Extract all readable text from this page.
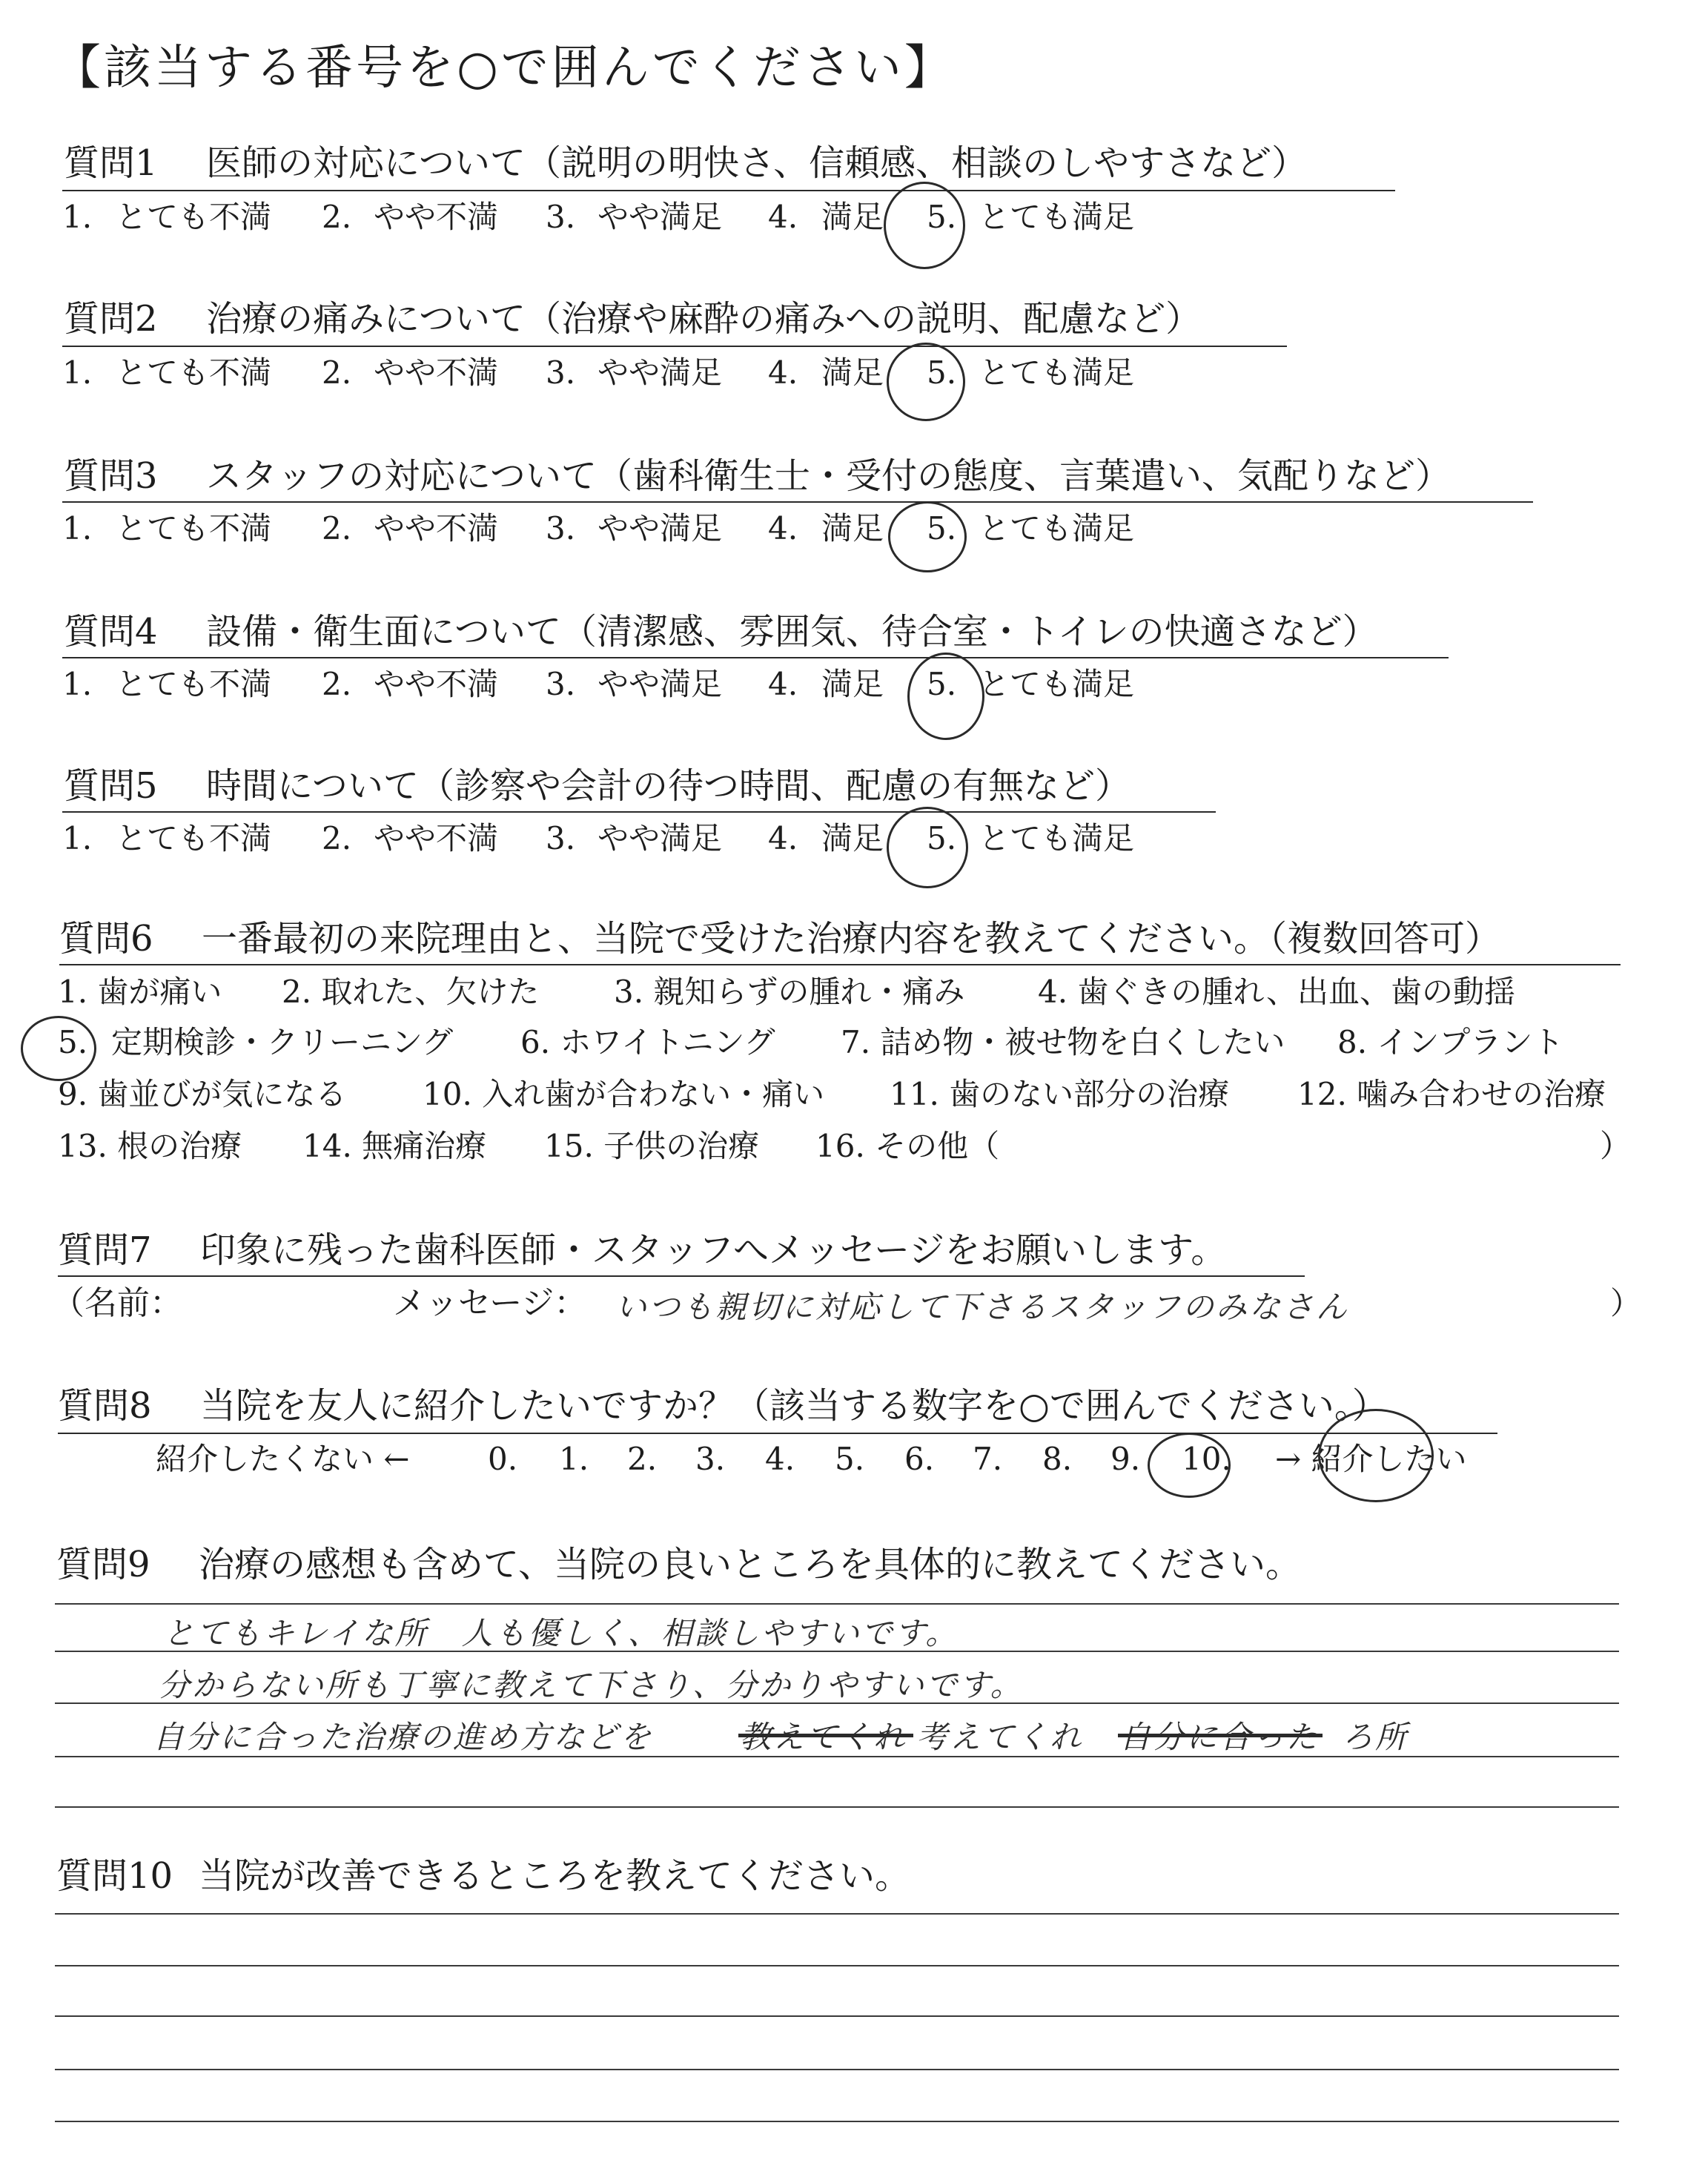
【該当する番号を○で囲んでください】
質問1 医師の対応について（説明の明快さ、信頼感、相談のしやすさなど）
1. とても不満 2. やや不満 3. やや満足 4. 満足 5. とても満足
質問2 治療の痛みについて（治療や麻酔の痛みへの説明、配慮など）
1. とても不満 2. やや不満 3. やや満足 4. 満足 5. とても満足
質問3 スタッフの対応について（歯科衛生士・受付の態度、言葉遣い、気配りなど）
1. とても不満 2. やや不満 3. やや満足 4. 満足 5. とても満足
質問4 設備・衛生面について（清潔感、雰囲気、待合室・トイレの快適さなど）
1. とても不満 2. やや不満 3. やや満足 4. 満足 5. とても満足
質問5 時間について（診察や会計の待つ時間、配慮の有無など）
1. とても不満 2. やや不満 3. やや満足 4. 満足 5. とても満足
質問6 一番最初の来院理由と、当院で受けた治療内容を教えてください。（複数回答可）
1. 歯が痛い 2. 取れた、欠けた 3. 親知らずの腫れ・痛み 4. 歯ぐきの腫れ、出血、歯の動揺
5. 定期検診・クリーニング 6. ホワイトニング 7. 詰め物・被せ物を白くしたい 8. インプラント
9. 歯並びが気になる 10. 入れ歯が合わない・痛い 11. 歯のない部分の治療 12. 噛み合わせの治療
13. 根の治療 14. 無痛治療 15. 子供の治療 16. その他（	）
質問7 印象に残った歯科医師・スタッフへメッセージをお願いします。
（名前：	メッセージ： いつも親切に対応して下さるスタッフのみなさん	）
質問8 当院を友人に紹介したいですか？（該当する数字を○で囲んでください。）
紹介したくない ←	0. 1. 2. 3. 4. 5. 6. 7. 8. 9. 10. → 紹介したい
質問9 治療の感想も含めて、当院の良いところを具体的に教えてください。
とてもキレイな所　人も優しく、相談しやすいです。
分からない所も丁寧に教えて下さり、分かりやすいです。
自分に合った治療の進め方などを	教えてくれ 考えてくれ 自分に合った ろ所
質問10 当院が改善できるところを教えてください。
